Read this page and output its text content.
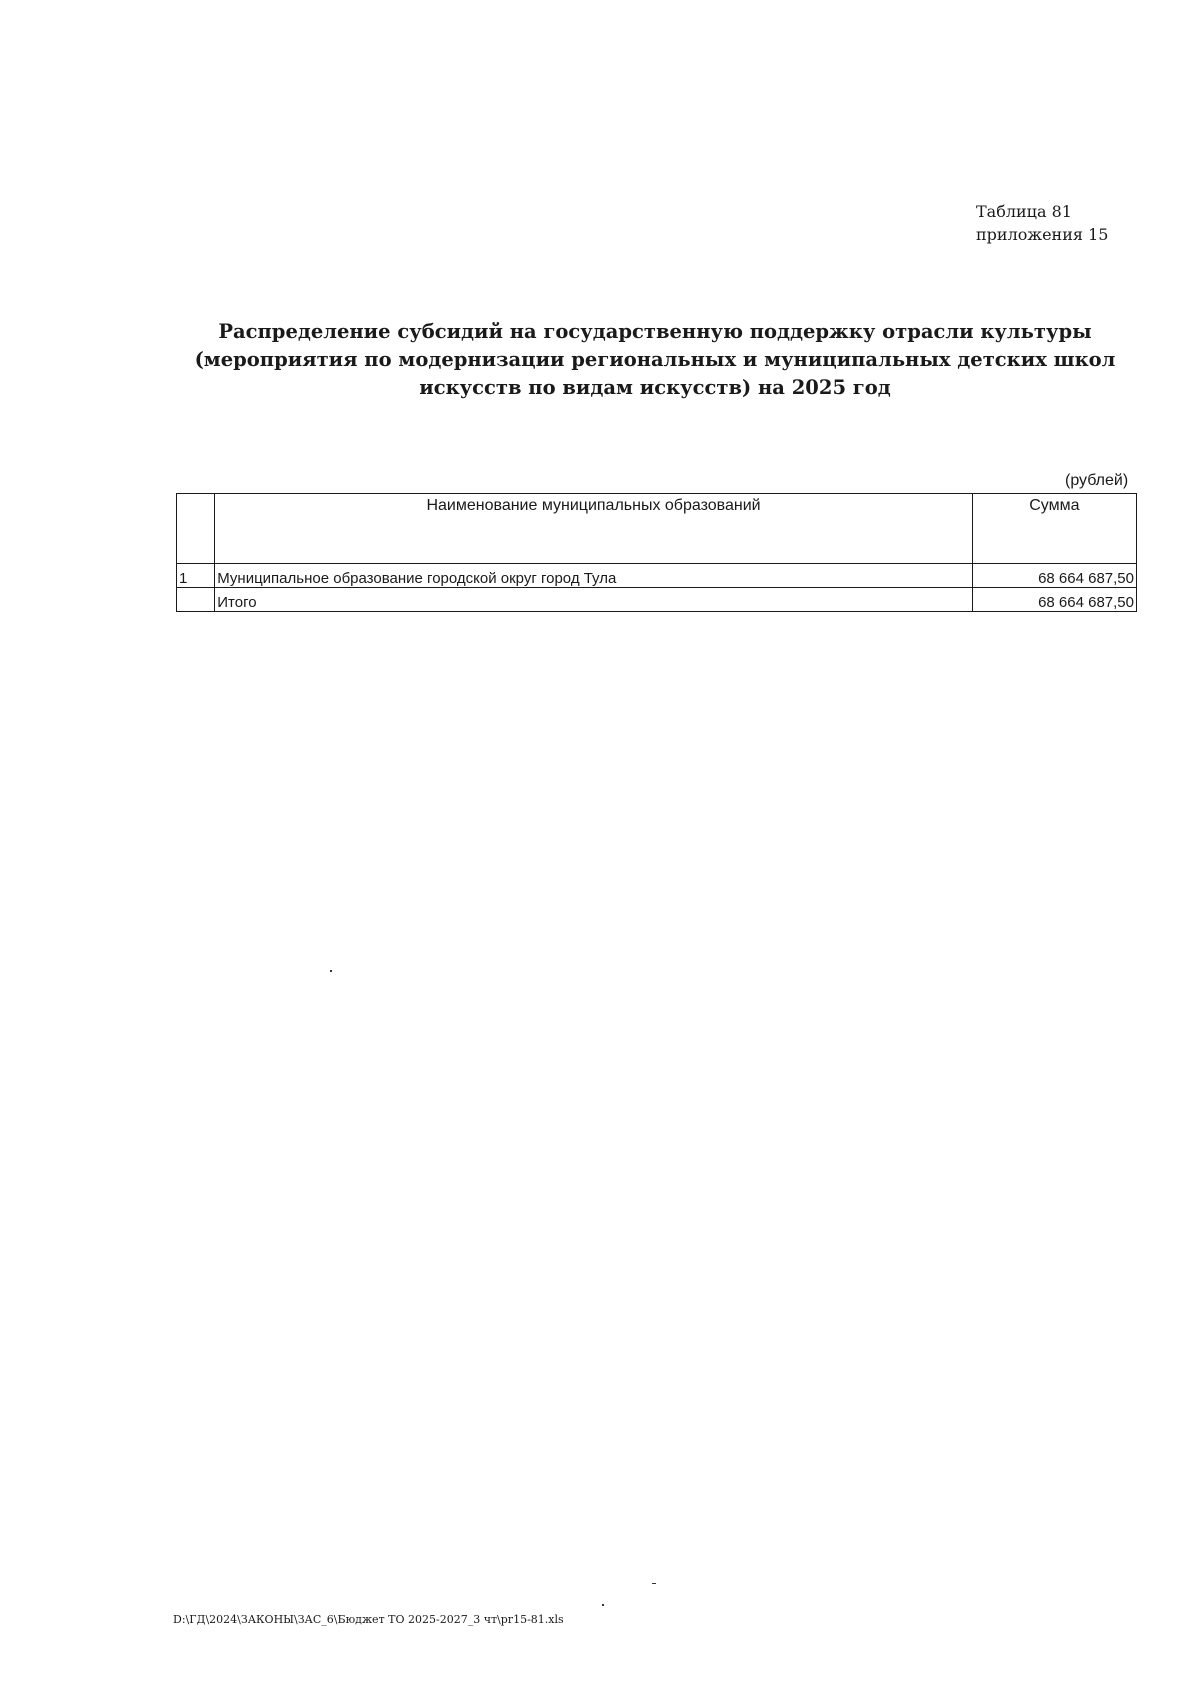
Таблица 81
приложения 15
Распределение субсидий на государственную поддержку отрасли культуры (мероприятия по модернизации региональных и муниципальных детских школ искусств по видам искусств) на 2025 год
(рублей)
	Наименование муниципальных образований	Сумма
1	Муниципальное образование городской округ город Тула	68 664 687,50
	Итого	68 664 687,50
D:\ГД\2024\ЗАКОНЫ\ЗАС_6\Бюджет ТО 2025-2027_3 чт\pr15-81.xls
